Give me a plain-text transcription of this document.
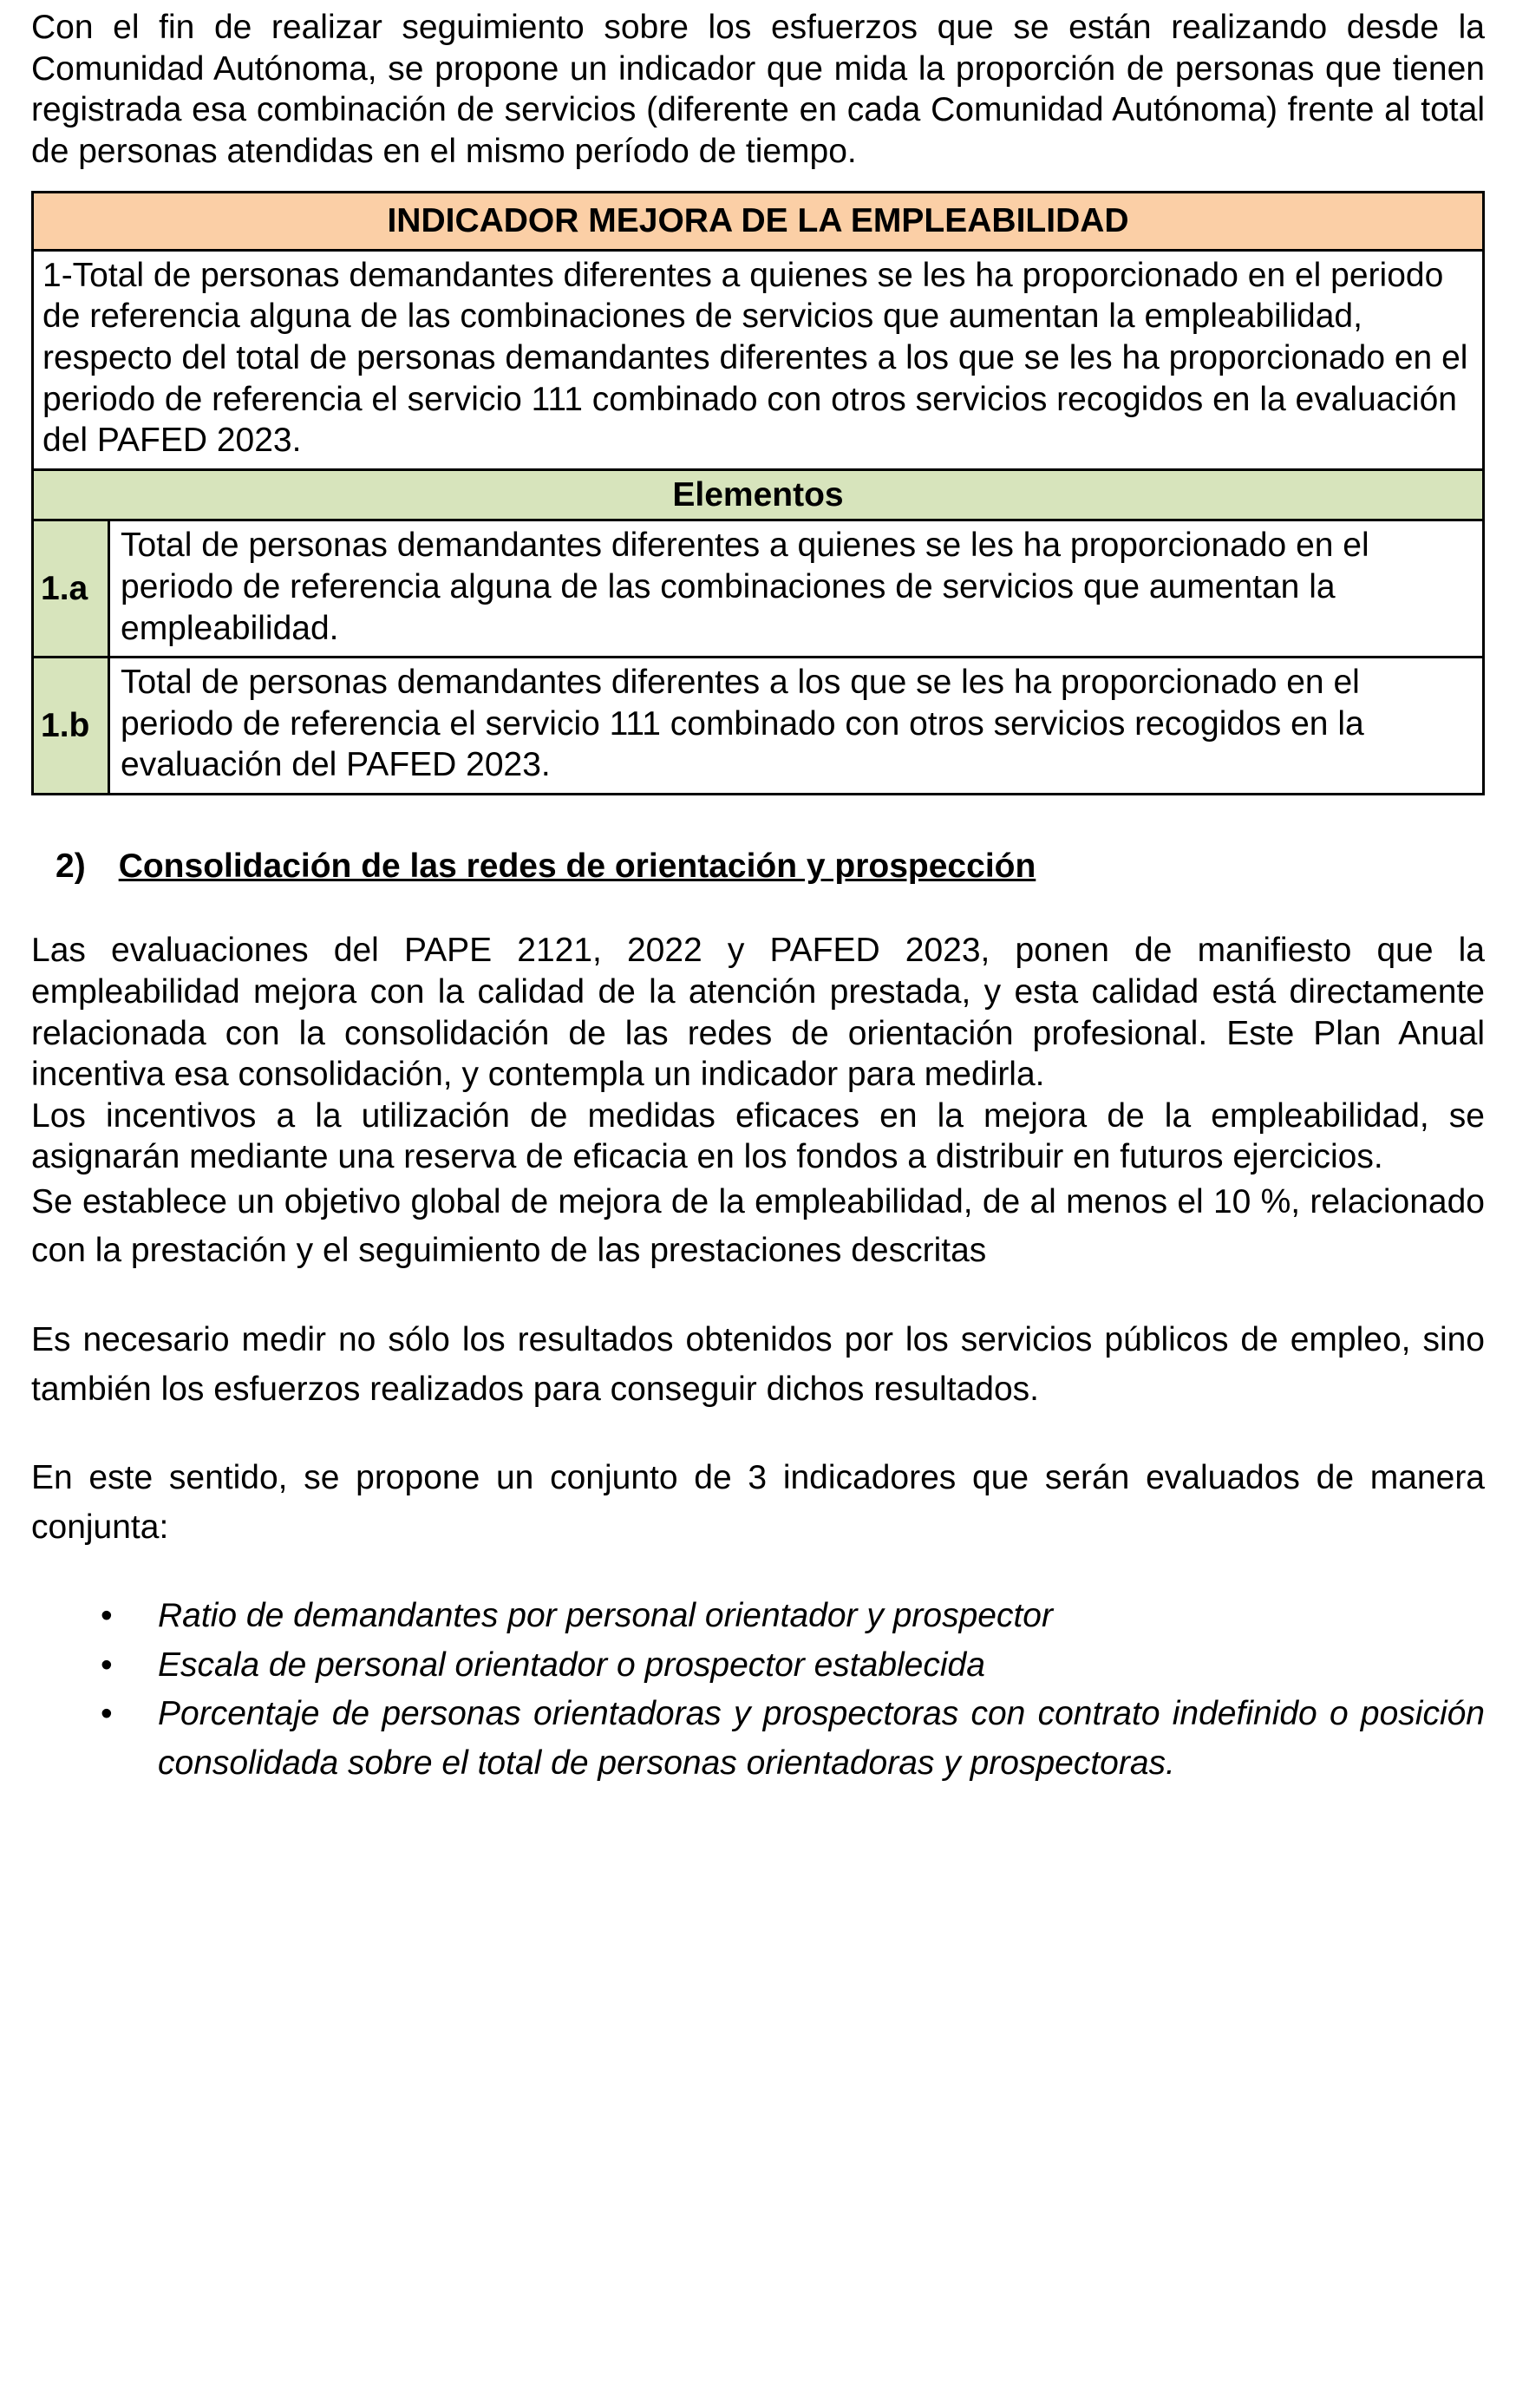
Con el fin de realizar seguimiento sobre los esfuerzos que se están realizando desde la Comunidad Autónoma, se propone un indicador que mida la proporción de personas que tienen registrada esa combinación de servicios (diferente en cada Comunidad Autónoma) frente al total de personas atendidas en el mismo período de tiempo.

INDICADOR MEJORA DE LA EMPLEABILIDAD	
1-Total de personas demandantes diferentes a quienes se les ha proporcionado en el periodo de referencia alguna de las combinaciones de servicios que aumentan la empleabilidad, respecto del total de personas demandantes diferentes a los que se les ha proporcionado en el periodo de referencia el servicio 111 combinado con otros servicios recogidos en la evaluación del PAFED 2023.	
Elementos	
1.a	Total de personas demandantes diferentes a quienes se les ha proporcionado en el periodo de referencia alguna de las combinaciones de servicios que aumentan la empleabilidad.
1.b	Total de personas demandantes diferentes a los que se les ha proporcionado en el periodo de referencia el servicio 111 combinado con otros servicios recogidos en la evaluación del PAFED 2023.
2) Consolidación de las redes de orientación y prospección

Las evaluaciones del PAPE 2121, 2022 y PAFED 2023, ponen de manifiesto que la empleabilidad mejora con la calidad de la atención prestada, y esta calidad está directamente relacionada con la consolidación de las redes de orientación profesional. Este Plan Anual incentiva esa consolidación, y contempla un indicador para medirla.

Los incentivos a la utilización de medidas eficaces en la mejora de la empleabilidad, se asignarán mediante una reserva de eficacia en los fondos a distribuir en futuros ejercicios.

Se establece un objetivo global de mejora de la empleabilidad, de al menos el 10 %, relacionado con la prestación y el seguimiento de las prestaciones descritas

Es necesario medir no sólo los resultados obtenidos por los servicios públicos de empleo, sino también los esfuerzos realizados para conseguir dichos resultados.

En este sentido, se propone un conjunto de 3 indicadores que serán evaluados de manera conjunta:

•	Ratio de demandantes por personal orientador y prospector
•	Escala de personal orientador o prospector establecida
•	Porcentaje de personas orientadoras y prospectoras con contrato indefinido o posición consolidada sobre el total de personas orientadoras y prospectoras.
